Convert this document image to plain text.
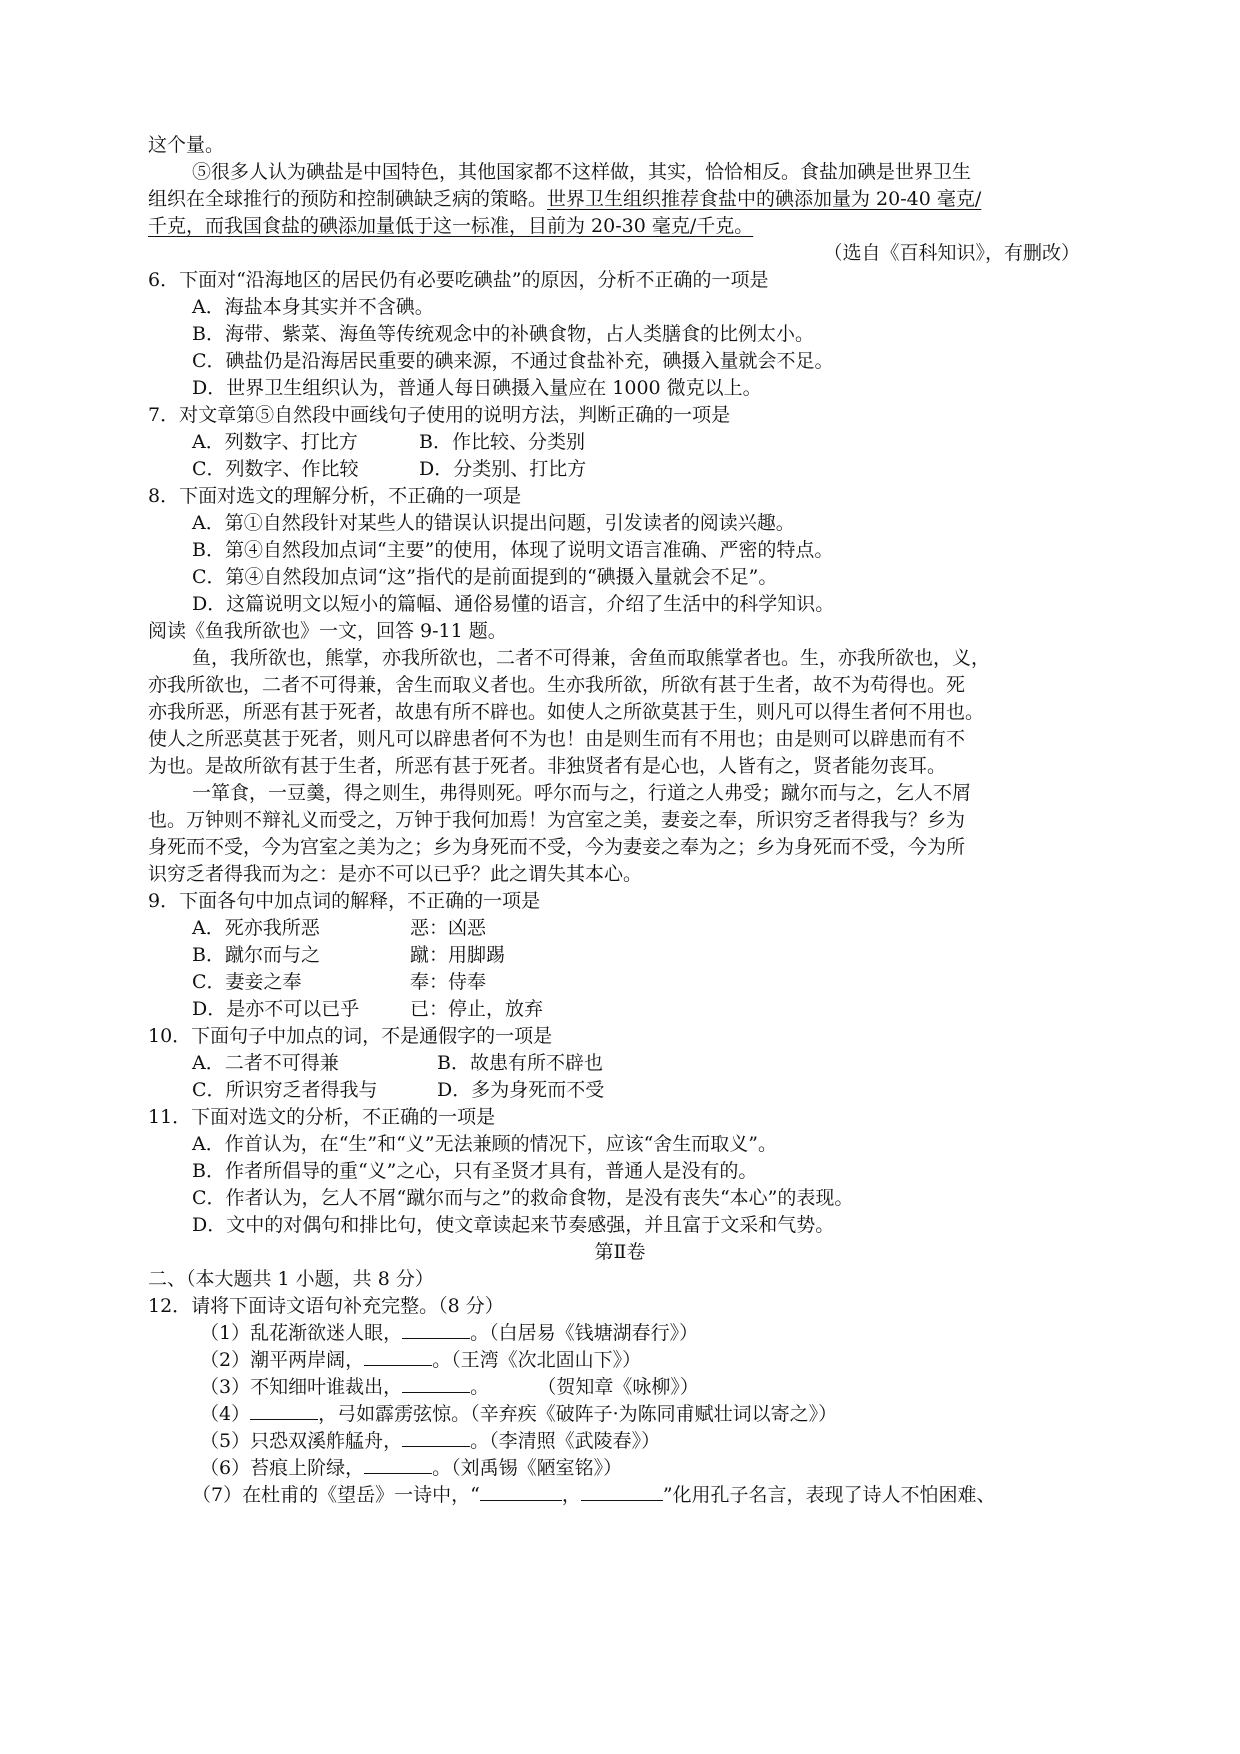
这个量。
⑤很多人认为碘盐是中国特色，其他国家都不这样做，其实，恰恰相反。食盐加碘是世界卫生
组织在全球推行的预防和控制碘缺乏病的策略。世界卫生组织推荐食盐中的碘添加量为 20-40 毫克/
千克，而我国食盐的碘添加量低于这一标准，目前为 20-30 毫克/千克。
（选自《百科知识》，有删改）
6．下面对“沿海地区的居民仍有必要吃碘盐”的原因，分析不正确的一项是
A．海盐本身其实并不含碘。
B．海带、紫菜、海鱼等传统观念中的补碘食物，占人类膳食的比例太小。
C．碘盐仍是沿海居民重要的碘来源，不通过食盐补充，碘摄入量就会不足。
D．世界卫生组织认为，普通人每日碘摄入量应在 1000 微克以上。
7．对文章第⑤自然段中画线句子使用的说明方法，判断正确的一项是
A．列数字、打比方	B．作比较、分类别
C．列数字、作比较	D．分类别、打比方
8．下面对选文的理解分析，不正确的一项是
A．第①自然段针对某些人的错误认识提出问题，引发读者的阅读兴趣。
B．第④自然段加点词“主要”的使用，体现了说明文语言准确、严密的特点。
C．第④自然段加点词“这”指代的是前面提到的“碘摄入量就会不足”。
D．这篇说明文以短小的篇幅、通俗易懂的语言，介绍了生活中的科学知识。
阅读《鱼我所欲也》一文，回答 9-11 题。
鱼，我所欲也，熊掌，亦我所欲也，二者不可得兼，舍鱼而取熊掌者也。生，亦我所欲也，义，
亦我所欲也，二者不可得兼，舍生而取义者也。生亦我所欲，所欲有甚于生者，故不为苟得也。死
亦我所恶，所恶有甚于死者，故患有所不辟也。如使人之所欲莫甚于生，则凡可以得生者何不用也。
使人之所恶莫甚于死者，则凡可以辟患者何不为也！由是则生而有不用也；由是则可以辟患而有不
为也。是故所欲有甚于生者，所恶有甚于死者。非独贤者有是心也，人皆有之，贤者能勿丧耳。
一箪食，一豆羹，得之则生，弗得则死。呼尔而与之，行道之人弗受；蹴尔而与之，乞人不屑
也。万钟则不辩礼义而受之，万钟于我何加焉！为宫室之美，妻妾之奉，所识穷乏者得我与？乡为
身死而不受，今为宫室之美为之；乡为身死而不受，今为妻妾之奉为之；乡为身死而不受，今为所
识穷乏者得我而为之：是亦不可以已乎？此之谓失其本心。
9．下面各句中加点词的解释，不正确的一项是
A．死亦我所恶	恶：凶恶
B．蹴尔而与之	蹴：用脚踢
C．妻妾之奉	奉：侍奉
D．是亦不可以已乎	已：停止，放弃
10．下面句子中加点的词，不是通假字的一项是
A．二者不可得兼	B．故患有所不辟也
C．所识穷乏者得我与	D．多为身死而不受
11．下面对选文的分析，不正确的一项是
A．作首认为，在“生”和“义”无法兼顾的情况下，应该“舍生而取义”。
B．作者所倡导的重“义”之心，只有圣贤才具有，普通人是没有的。
C．作者认为，乞人不屑“蹴尔而与之”的救命食物，是没有丧失“本心”的表现。
D．文中的对偶句和排比句，使文章读起来节奏感强，并且富于文采和气势。
第Ⅱ卷
二、（本大题共 1 小题，共 8 分）
12．请将下面诗文语句补充完整。（8 分）
（1）乱花渐欲迷人眼，	。（白居易《钱塘湖春行》）
（2）潮平两岸阔，	。（王湾《次北固山下》）
（3）不知细叶谁裁出，	。        （贺知章《咏柳》）
（4）	，弓如霹雳弦惊。（辛弃疾《破阵子·为陈同甫赋壮词以寄之》）
（5）只恐双溪舴艋舟，	。（李清照《武陵春》）
（6）苔痕上阶绿，	。（刘禹锡《陋室铭》）
（7）在杜甫的《望岳》一诗中，“	，	”化用孔子名言，表现了诗人不怕困难、
